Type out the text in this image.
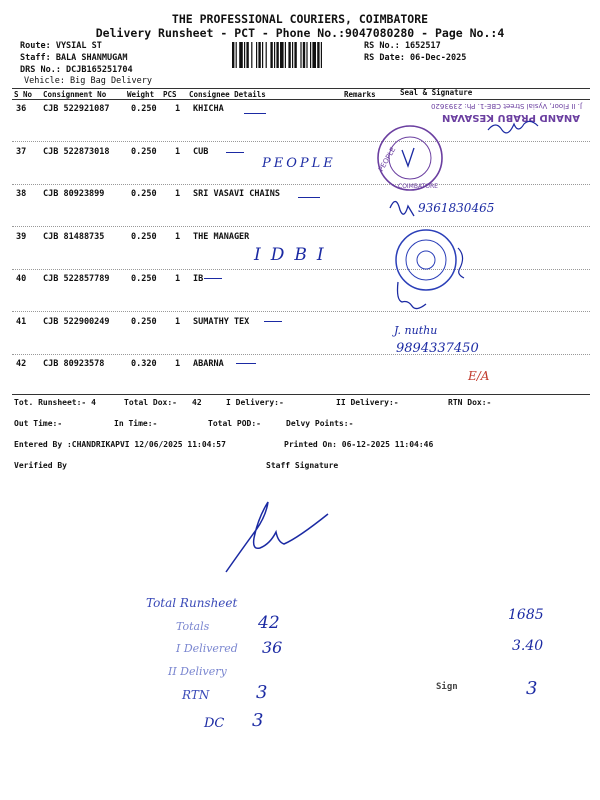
THE PROFESSIONAL COURIERS, COIMBATORE
Delivery Runsheet - PCT - Phone No.:9047080280 - Page No.:4
Route: VYSIAL ST
Staff: BALA SHANMUGAM
DRS No.: DCJB165251704
Vehicle: Big Bag Delivery
RS No.: 1652517
RS Date: 06-Dec-2025
S No Consignment No	Weight PCS Consignee Details	Remarks	Seal & Signature
36 CJB 522921087	0.250 1 KHICHA
37 CJB 522873018	0.250 1 CUB
38 CJB 80923899	0.250 1 SRI VASAVI CHAINS
39 CJB 81488735	0.250 1 THE MANAGER
40 CJB 522857789	0.250 1 IB
41 CJB 522900249	0.250 1 SUMATHY TEX
42 CJB 80923578	0.320 1 ABARNA
Tot. Runsheet:- 4	Total Dox:- 42	I Delivery:-	II Delivery:-	RTN Dox:-
Out Time:-	In Time:-	Total POD:-	Delvy Points:-
Entered By :CHANDRIKAPVI 12/06/2025 11:04:57	Printed On: 06-12-2025 11:04:46
Verified By	Staff Signature
J. II Floor, Vysial Street CBE-1. Ph: 2393620
ANAND PRABU KESAVAN
PEOPLE
COIMBATORE
9361830465
J. nuthu
9894337450
E/A
PEOPLE
IDBI
Total Runsheet
Totals	42
I Delivered 36
II Delivery
RTN	3
DC 3
1685
3.40
Sign	3
